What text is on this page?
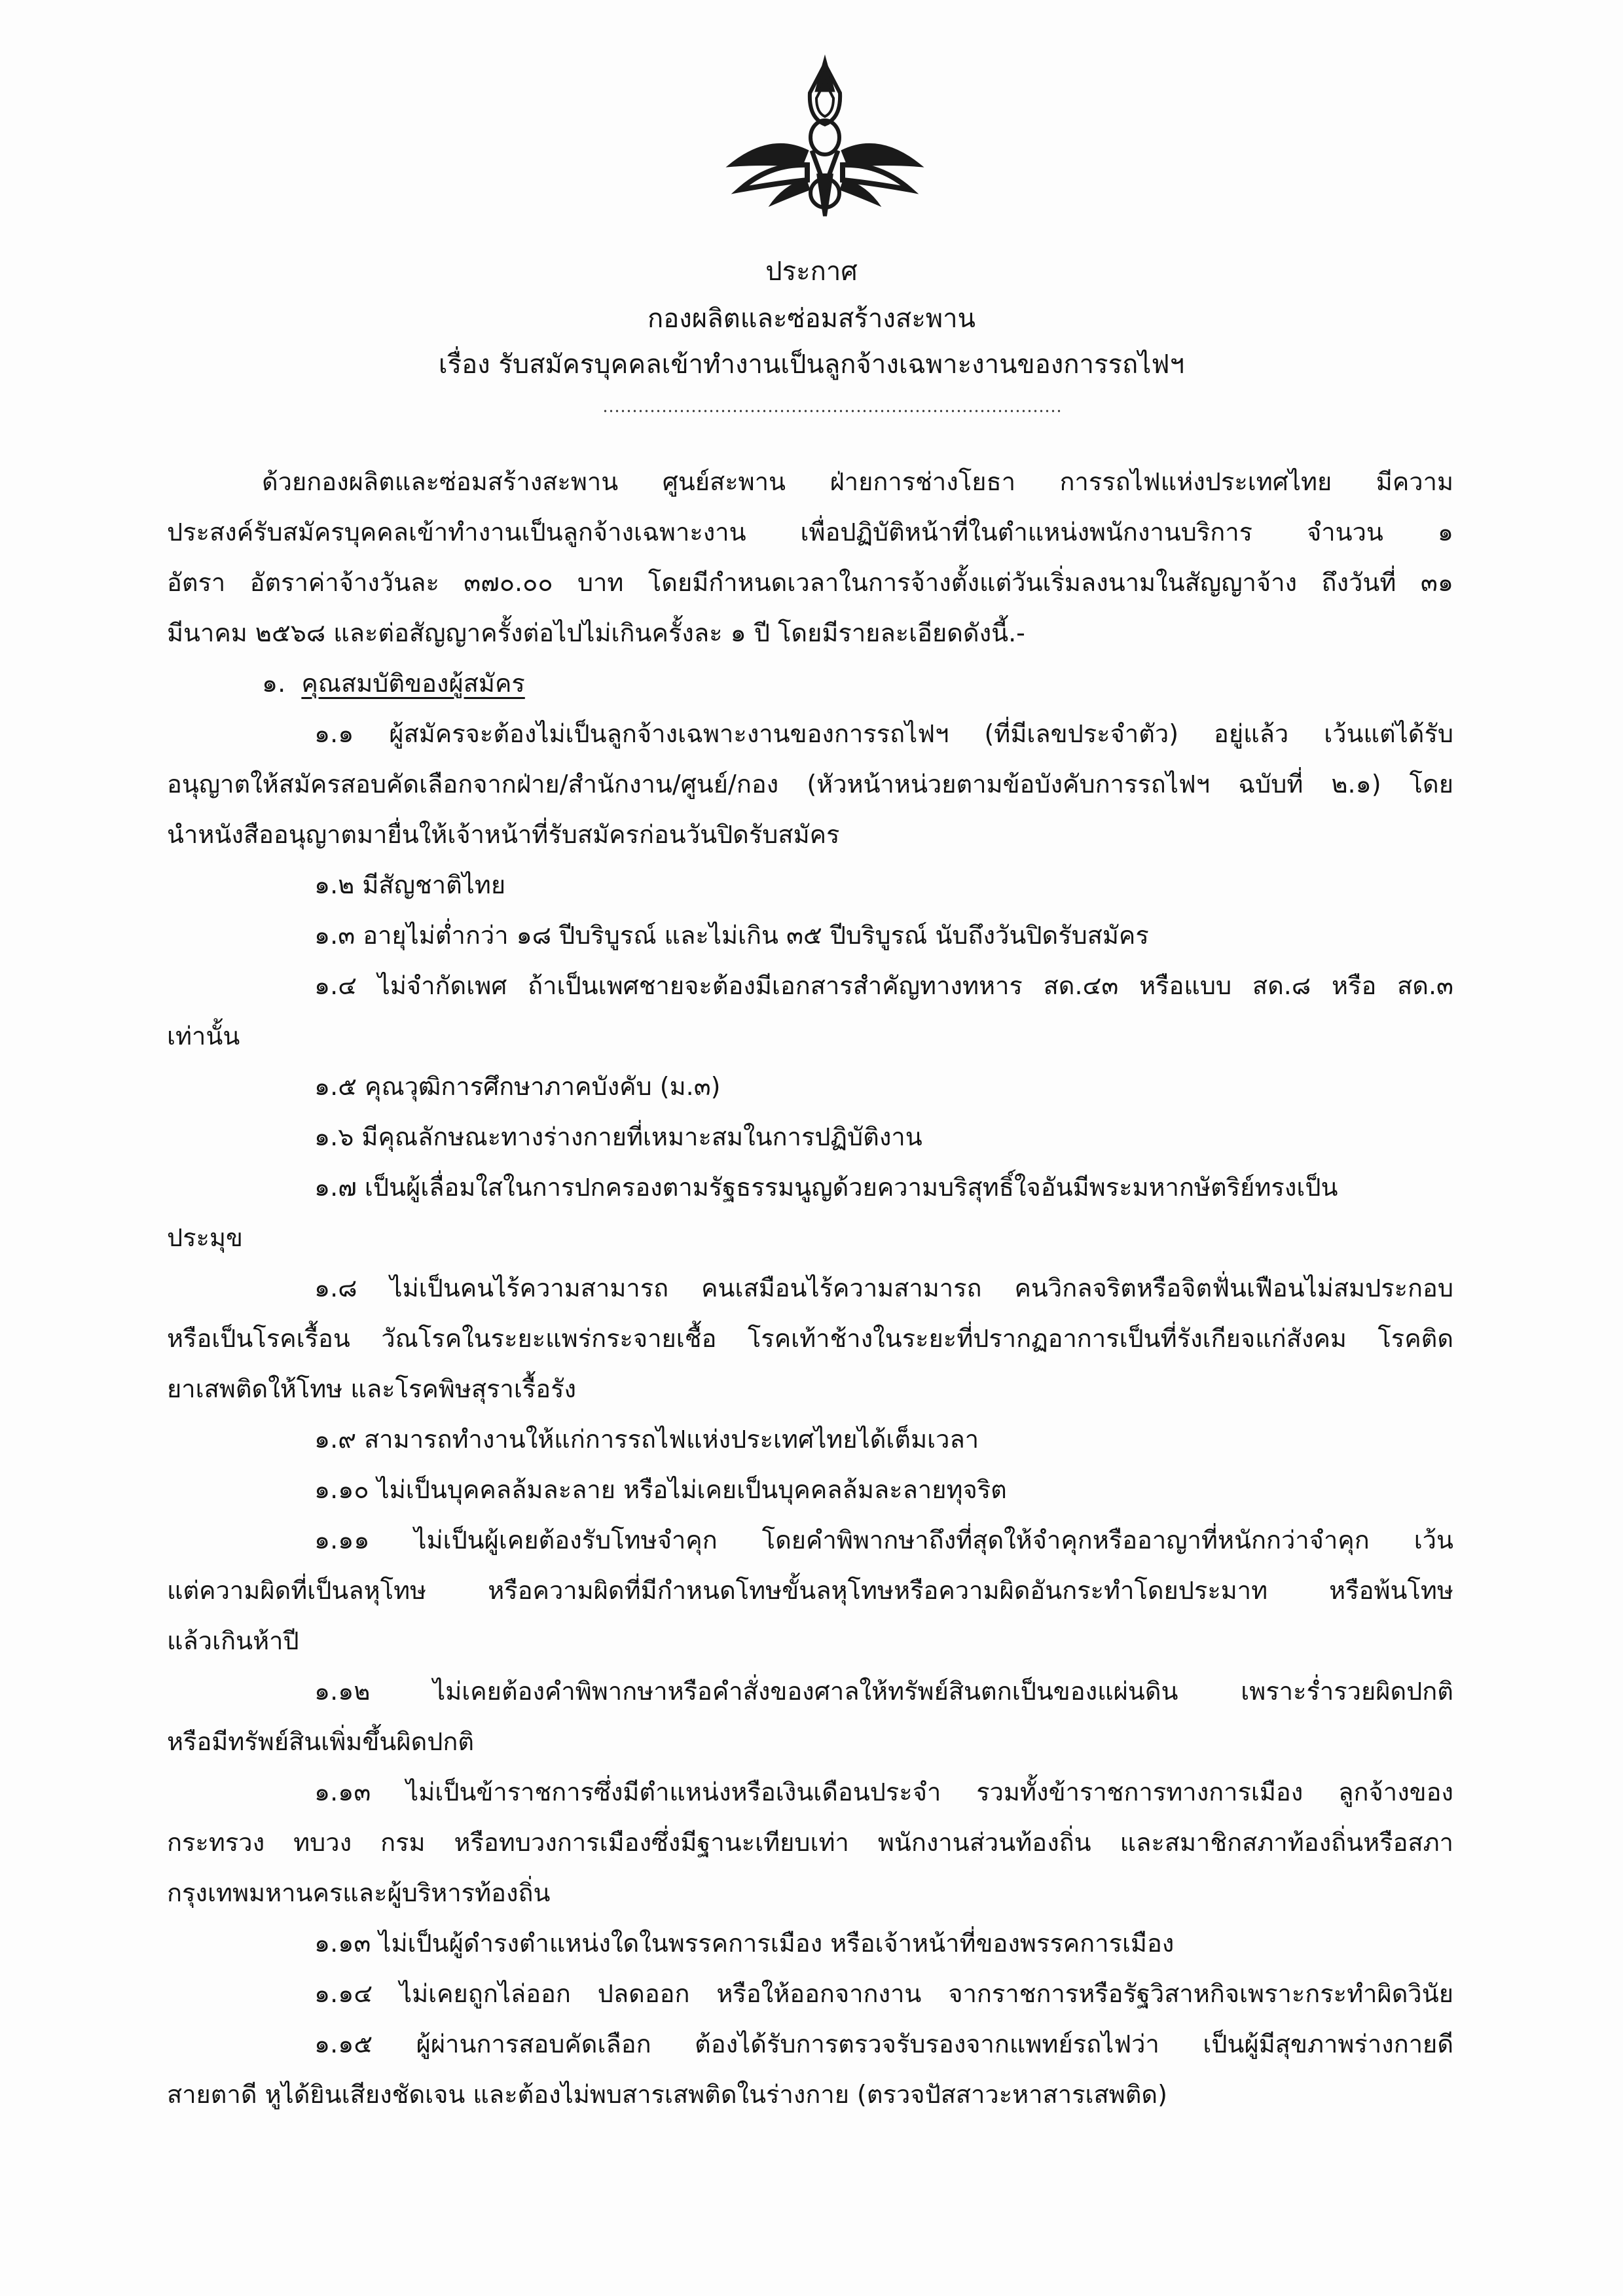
ประกาศ
กองผลิตและซ่อมสร้างสะพาน
เรื่อง รับสมัครบุคคลเข้าทำงานเป็นลูกจ้างเฉพาะงานของการรถไฟฯ
ด้วยกองผลิตและซ่อมสร้างสะพาน ศูนย์สะพาน ฝ่ายการช่างโยธา การรถไฟแห่งประเทศไทย มีความ
ประสงค์รับสมัครบุคคลเข้าทำงานเป็นลูกจ้างเฉพาะงาน เพื่อปฏิบัติหน้าที่ในตำแหน่งพนักงานบริการ จำนวน ๑
อัตรา อัตราค่าจ้างวันละ ๓๗๐.๐๐ บาท โดยมีกำหนดเวลาในการจ้างตั้งแต่วันเริ่มลงนามในสัญญาจ้าง ถึงวันที่ ๓๑
มีนาคม ๒๕๖๘ และต่อสัญญาครั้งต่อไปไม่เกินครั้งละ ๑ ปี โดยมีรายละเอียดดังนี้.-
๑. คุณสมบัติของผู้สมัคร
๑.๑ ผู้สมัครจะต้องไม่เป็นลูกจ้างเฉพาะงานของการรถไฟฯ (ที่มีเลขประจำตัว) อยู่แล้ว เว้นแต่ได้รับ
อนุญาตให้สมัครสอบคัดเลือกจากฝ่าย/สำนักงาน/ศูนย์/กอง (หัวหน้าหน่วยตามข้อบังคับการรถไฟฯ ฉบับที่ ๒.๑) โดย
นำหนังสืออนุญาตมายื่นให้เจ้าหน้าที่รับสมัครก่อนวันปิดรับสมัคร
๑.๒ มีสัญชาติไทย
๑.๓ อายุไม่ต่ำกว่า ๑๘ ปีบริบูรณ์ และไม่เกิน ๓๕ ปีบริบูรณ์ นับถึงวันปิดรับสมัคร
๑.๔ ไม่จำกัดเพศ ถ้าเป็นเพศชายจะต้องมีเอกสารสำคัญทางทหาร สด.๔๓ หรือแบบ สด.๘ หรือ สด.๓
เท่านั้น
๑.๕ คุณวุฒิการศึกษาภาคบังคับ (ม.๓)
๑.๖ มีคุณลักษณะทางร่างกายที่เหมาะสมในการปฏิบัติงาน
๑.๗ เป็นผู้เลื่อมใสในการปกครองตามรัฐธรรมนูญด้วยความบริสุทธิ์ใจอันมีพระมหากษัตริย์ทรงเป็น
ประมุข
๑.๘ ไม่เป็นคนไร้ความสามารถ คนเสมือนไร้ความสามารถ คนวิกลจริตหรือจิตฟั่นเฟือนไม่สมประกอบ
หรือเป็นโรคเรื้อน วัณโรคในระยะแพร่กระจายเชื้อ โรคเท้าช้างในระยะที่ปรากฏอาการเป็นที่รังเกียจแก่สังคม โรคติด
ยาเสพติดให้โทษ และโรคพิษสุราเรื้อรัง
๑.๙ สามารถทำงานให้แก่การรถไฟแห่งประเทศไทยได้เต็มเวลา
๑.๑๐ ไม่เป็นบุคคลล้มละลาย หรือไม่เคยเป็นบุคคลล้มละลายทุจริต
๑.๑๑ ไม่เป็นผู้เคยต้องรับโทษจำคุก โดยคำพิพากษาถึงที่สุดให้จำคุกหรืออาญาที่หนักกว่าจำคุก เว้น
แต่ความผิดที่เป็นลหุโทษ หรือความผิดที่มีกำหนดโทษขั้นลหุโทษหรือความผิดอันกระทำโดยประมาท หรือพ้นโทษ
แล้วเกินห้าปี
๑.๑๒ ไม่เคยต้องคำพิพากษาหรือคำสั่งของศาลให้ทรัพย์สินตกเป็นของแผ่นดิน เพราะร่ำรวยผิดปกติ
หรือมีทรัพย์สินเพิ่มขึ้นผิดปกติ
๑.๑๓ ไม่เป็นข้าราชการซึ่งมีตำแหน่งหรือเงินเดือนประจำ รวมทั้งข้าราชการทางการเมือง ลูกจ้างของ
กระทรวง ทบวง กรม หรือทบวงการเมืองซึ่งมีฐานะเทียบเท่า พนักงานส่วนท้องถิ่น และสมาชิกสภาท้องถิ่นหรือสภา
กรุงเทพมหานครและผู้บริหารท้องถิ่น
๑.๑๓ ไม่เป็นผู้ดำรงตำแหน่งใดในพรรคการเมือง หรือเจ้าหน้าที่ของพรรคการเมือง
๑.๑๔ ไม่เคยถูกไล่ออก ปลดออก หรือให้ออกจากงาน จากราชการหรือรัฐวิสาหกิจเพราะกระทำผิดวินัย
๑.๑๕ ผู้ผ่านการสอบคัดเลือก ต้องได้รับการตรวจรับรองจากแพทย์รถไฟว่า เป็นผู้มีสุขภาพร่างกายดี
สายตาดี หูได้ยินเสียงชัดเจน และต้องไม่พบสารเสพติดในร่างกาย (ตรวจปัสสาวะหาสารเสพติด)
